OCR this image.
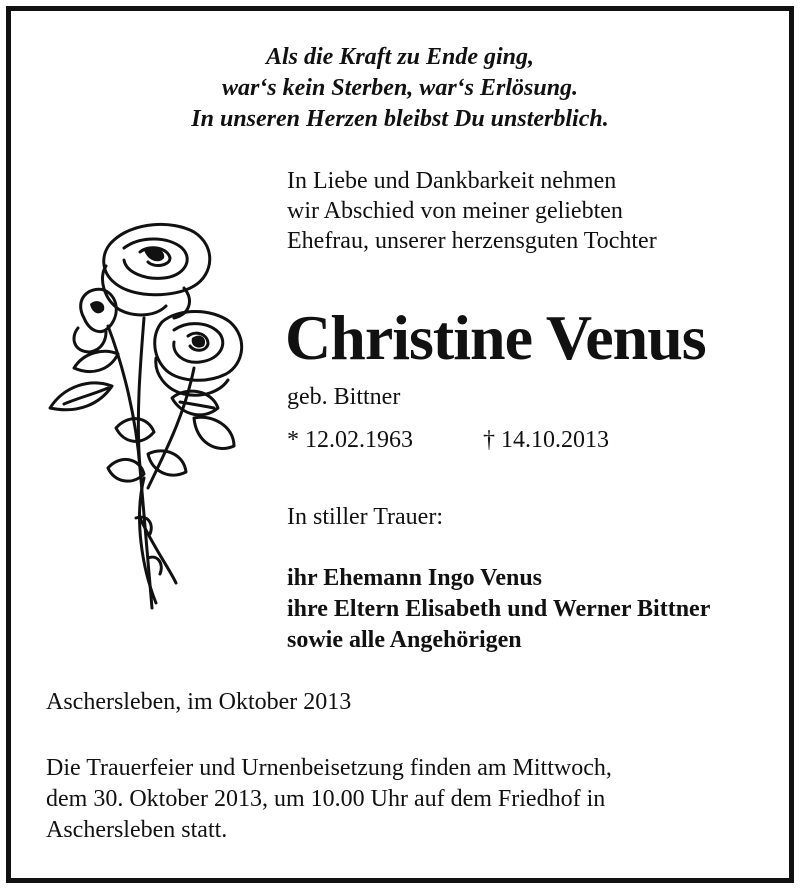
Als die Kraft zu Ende ging,
war‘s kein Sterben, war‘s Erlösung.
In unseren Herzen bleibst Du unsterblich.
In Liebe und Dankbarkeit nehmen
wir Abschied von meiner geliebten
Ehefrau, unserer herzensguten Tochter
Christine Venus
geb. Bittner
* 12.02.1963	† 14.10.2013
In stiller Trauer:
ihr Ehemann Ingo Venus
ihre Eltern Elisabeth und Werner Bittner
sowie alle Angehörigen
Aschersleben, im Oktober 2013
Die Trauerfeier und Urnenbeisetzung finden am Mittwoch,
dem 30. Oktober 2013, um 10.00 Uhr auf dem Friedhof in
Aschersleben statt.
